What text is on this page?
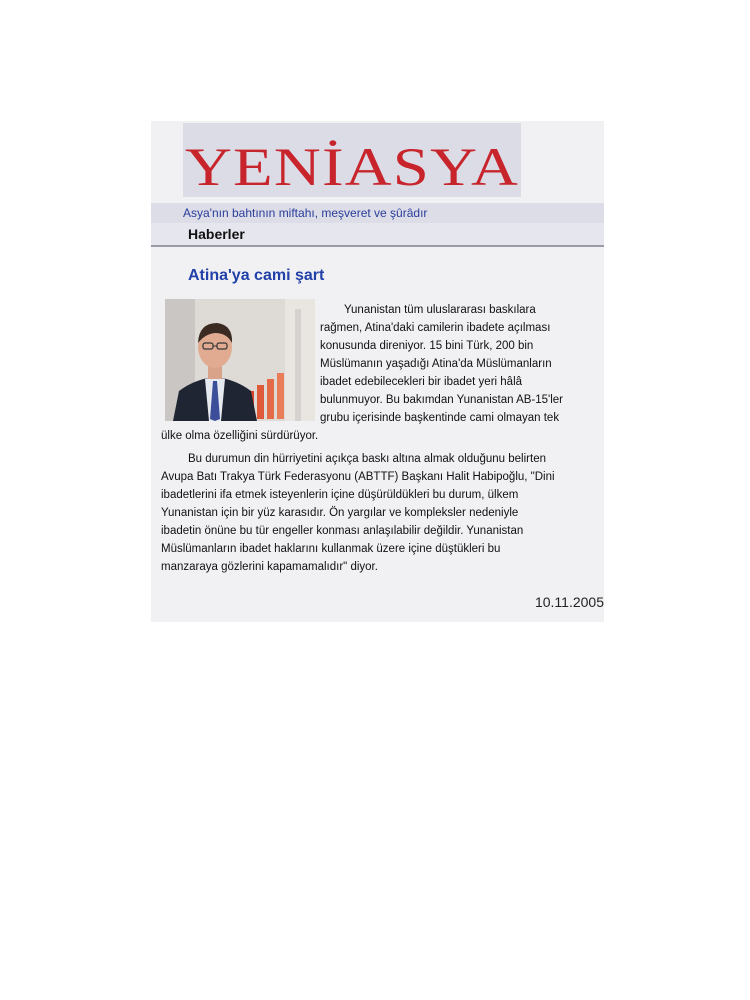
YENİASYA
Asya'nın bahtının miftahı, meşveret ve şûrâdır
Haberler
Atina'ya cami şart
Yunanistan tüm uluslararası baskılara
rağmen, Atina'daki camilerin ibadete açılması
konusunda direniyor. 15 bini Türk, 200 bin
Müslümanın yaşadığı Atina'da Müslümanların
ibadet edebilecekleri bir ibadet yeri hâlâ
bulunmuyor. Bu bakımdan Yunanistan AB-15'ler
grubu içerisinde başkentinde cami olmayan tek
ülke olma özelliğini sürdürüyor.
Bu durumun din hürriyetini açıkça baskı altına almak olduğunu belirten
Avupa Batı Trakya Türk Federasyonu (ABTTF) Başkanı Halit Habipoğlu, "Dini
ibadetlerini ifa etmek isteyenlerin içine düşürüldükleri bu durum, ülkem
Yunanistan için bir yüz karasıdır. Ön yargılar ve kompleksler nedeniyle
ibadetin önüne bu tür engeller konması anlaşılabilir değildir. Yunanistan
Müslümanların ibadet haklarını kullanmak üzere içine düştükleri bu
manzaraya gözlerini kapamamalıdır" diyor.
10.11.2005
